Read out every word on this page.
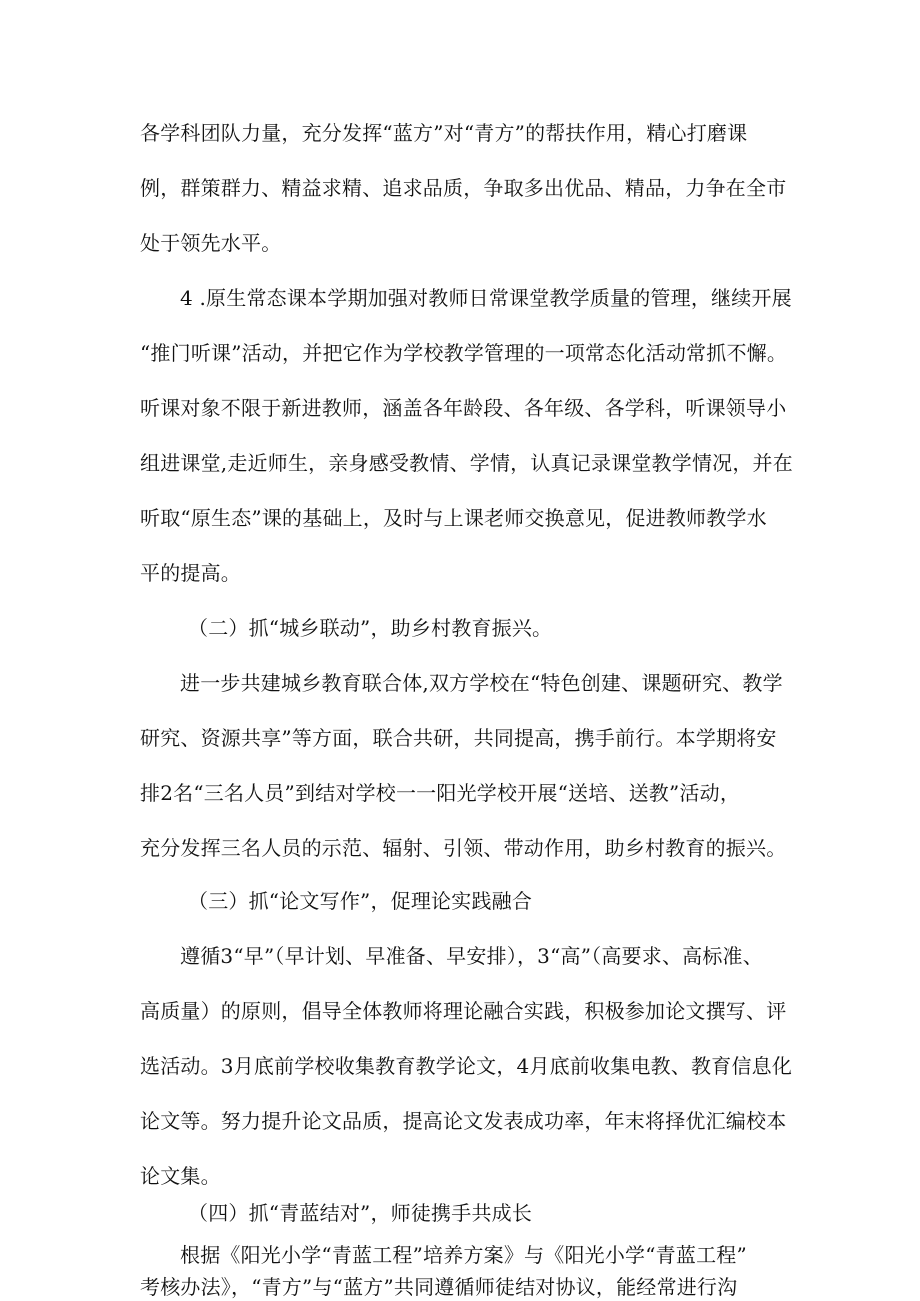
各学科团队力量，充分发挥“蓝方”对“青方”的帮扶作用，精心打磨课
例，群策群力、精益求精、追求品质，争取多出优品、精品，力争在全市
处于领先水平。
4 .原生常态课本学期加强对教师日常课堂教学质量的管理，继续开展
“推门听课”活动，并把它作为学校教学管理的一项常态化活动常抓不懈。
听课对象不限于新进教师，涵盖各年龄段、各年级、各学科，听课领导小
组进课堂,走近师生，亲身感受教情、学情，认真记录课堂教学情况，并在
听取“原生态”课的基础上，及时与上课老师交换意见，促进教师教学水
平的提高。
（二）抓“城乡联动”，助乡村教育振兴。
进一步共建城乡教育联合体,双方学校在“特色创建、课题研究、教学
研究、资源共享”等方面，联合共研，共同提高，携手前行。本学期将安
排2名“三名人员”到结对学校一一阳光学校开展“送培、送教”活动，
充分发挥三名人员的示范、辐射、引领、带动作用，助乡村教育的振兴。
（三）抓“论文写作”，促理论实践融合
遵循3“早”（早计划、早准备、早安排），3“高”（高要求、高标准、
高质量）的原则，倡导全体教师将理论融合实践，积极参加论文撰写、评
选活动。3月底前学校收集教育教学论文，4月底前收集电教、教育信息化
论文等。努力提升论文品质，提高论文发表成功率，年末将择优汇编校本
论文集。
（四）抓“青蓝结对”，师徒携手共成长
根据《阳光小学“青蓝工程”培养方案》与《阳光小学“青蓝工程”
考核办法》，“青方”与“蓝方”共同遵循师徒结对协议，能经常进行沟
